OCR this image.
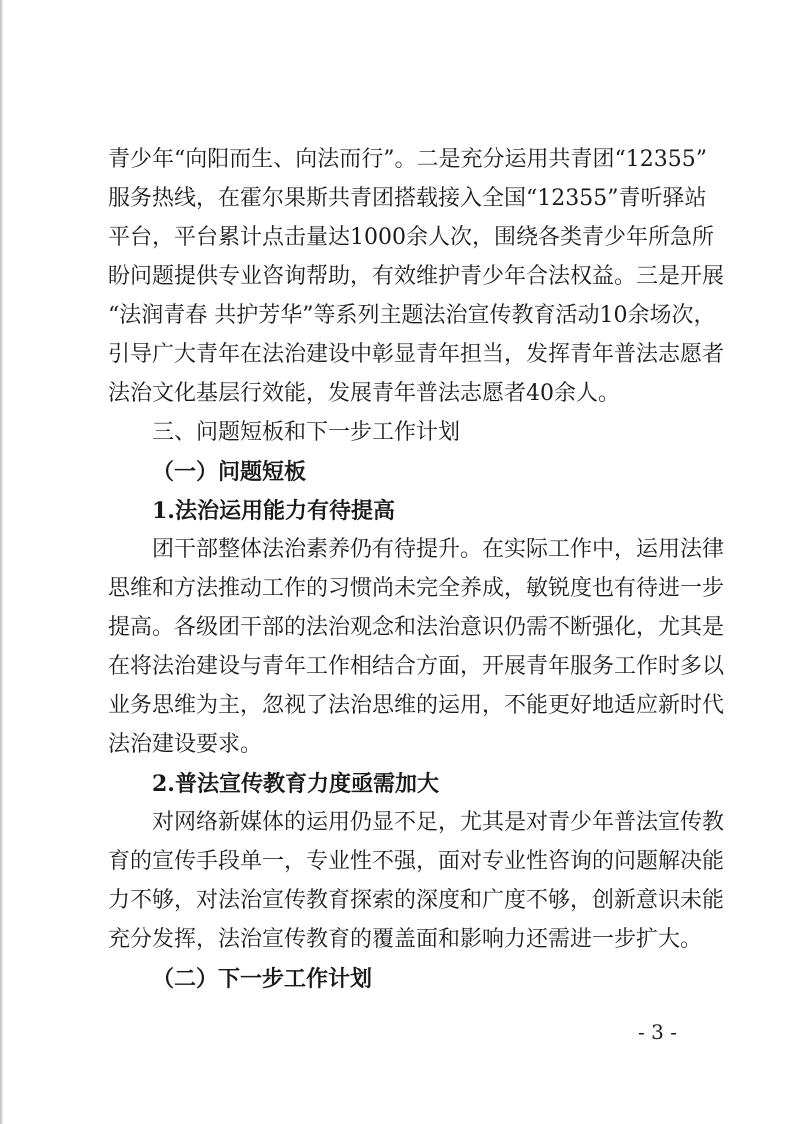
青少年“向阳而生、向法而行”。二是充分运用共青团“12355”
服务热线，在霍尔果斯共青团搭载接入全国“12355”青听驿站
平台，平台累计点击量达1000余人次，围绕各类青少年所急所
盼问题提供专业咨询帮助，有效维护青少年合法权益。三是开展
“法润青春 共护芳华”等系列主题法治宣传教育活动10余场次，
引导广大青年在法治建设中彰显青年担当，发挥青年普法志愿者
法治文化基层行效能，发展青年普法志愿者40余人。
三、问题短板和下一步工作计划
（一）问题短板
1.法治运用能力有待提高
团干部整体法治素养仍有待提升。在实际工作中，运用法律
思维和方法推动工作的习惯尚未完全养成，敏锐度也有待进一步
提高。各级团干部的法治观念和法治意识仍需不断强化，尤其是
在将法治建设与青年工作相结合方面，开展青年服务工作时多以
业务思维为主，忽视了法治思维的运用，不能更好地适应新时代
法治建设要求。
2.普法宣传教育力度亟需加大
对网络新媒体的运用仍显不足，尤其是对青少年普法宣传教
育的宣传手段单一，专业性不强，面对专业性咨询的问题解决能
力不够，对法治宣传教育探索的深度和广度不够，创新意识未能
充分发挥，法治宣传教育的覆盖面和影响力还需进一步扩大。
（二）下一步工作计划
- 3 -
